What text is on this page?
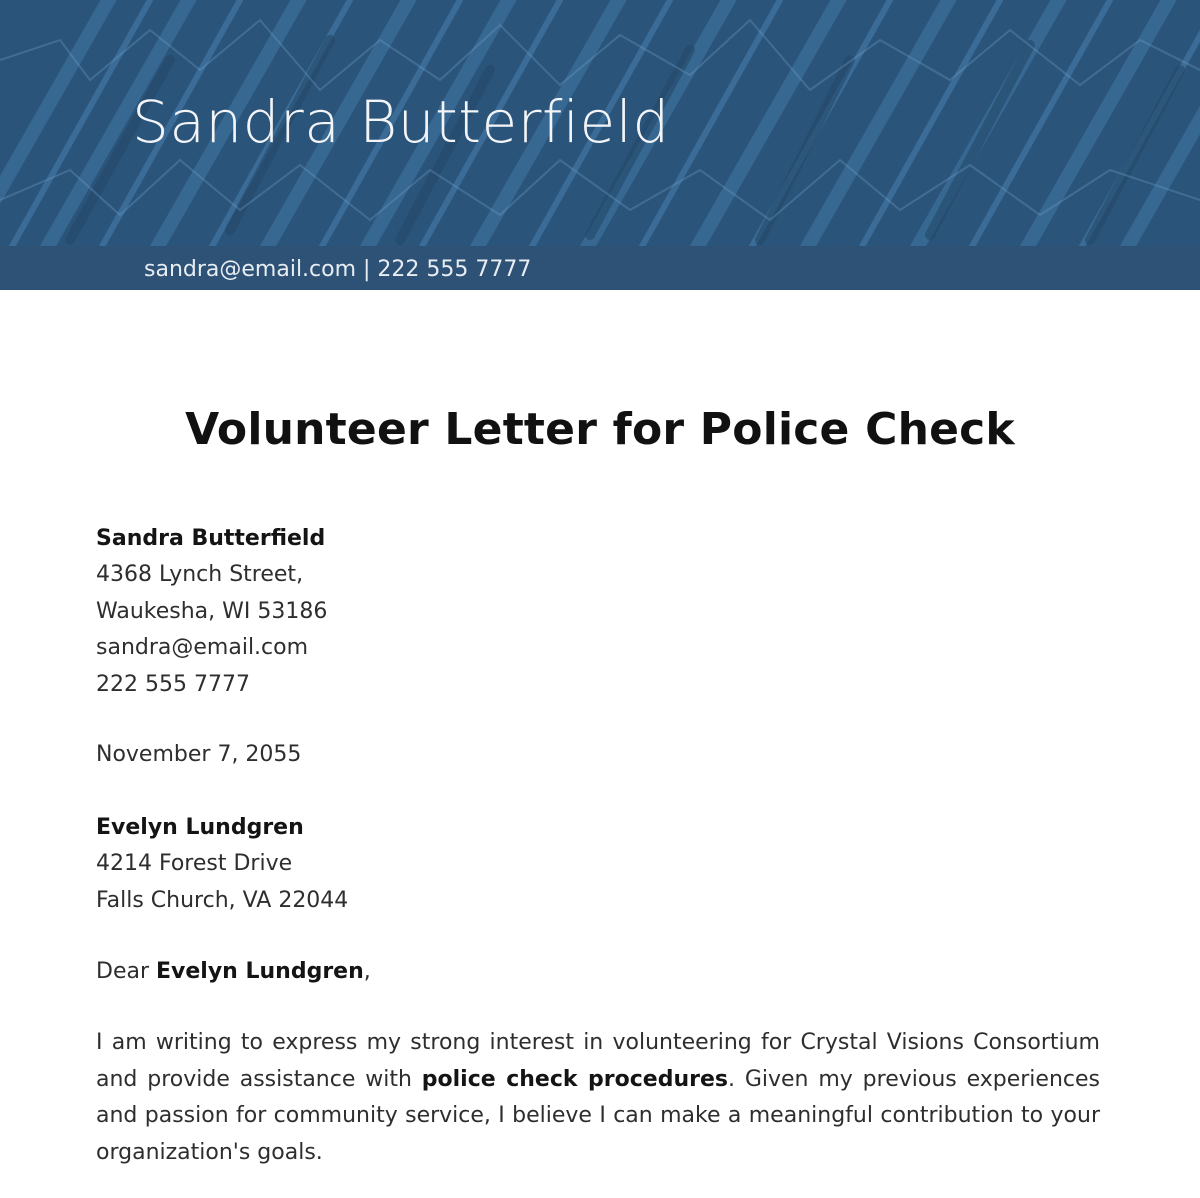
Sandra Butterfield
sandra@email.com | 222 555 7777
Volunteer Letter for Police Check
Sandra Butterfield
4368 Lynch Street,
Waukesha, WI 53186
sandra@email.com
222 555 7777
November 7, 2055
Evelyn Lundgren
4214 Forest Drive
Falls Church, VA 22044
Dear Evelyn Lundgren,
I am writing to express my strong interest in volunteering for Crystal Visions Consortium and provide assistance with police check procedures. Given my previous experiences and passion for community service, I believe I can make a meaningful contribution to your organization's goals.
